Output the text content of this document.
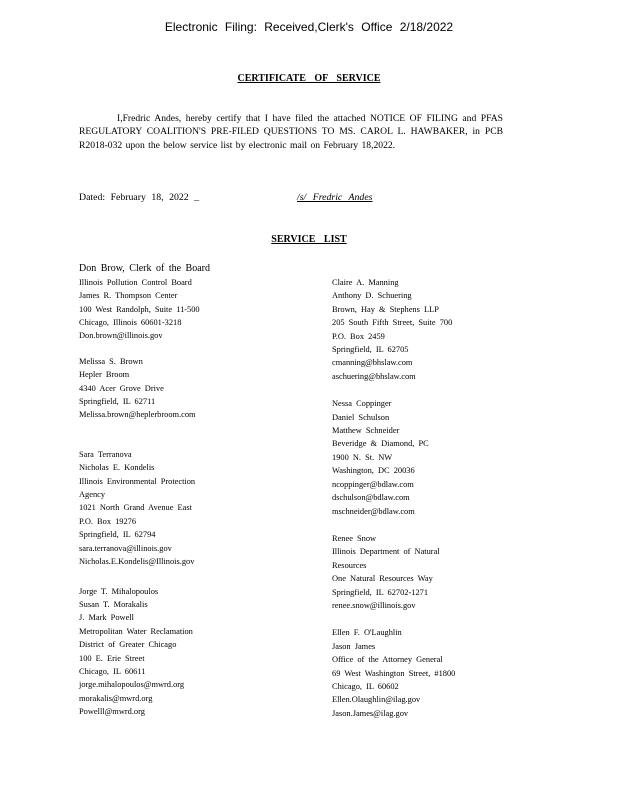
Electronic Filing: Received,Clerk's Office 2/18/2022
CERTIFICATE OF SERVICE

I,Fredric Andes, hereby certify that I have filed the attached NOTICE OF FILING and PFAS REGULATORY COALITION'S PRE-FILED QUESTIONS TO MS. CAROL L. HAWBAKER, in PCB R2018-032 upon the below service list by electronic mail on February 18,2022.

Dated: February 18, 2022 _	/s/ Fredric Andes
SERVICE LIST
Don Brow, Clerk of the Board
Illinois Pollution Control Board
James R. Thompson Center
100 West Randolph, Suite 11-500
Chicago, Illinois 60601-3218
Don.brown@illinois.gov
Melissa S. Brown
Hepler Broom
4340 Acer Grove Drive
Springfield, IL 62711
Melissa.brown@heplerbroom.com
Sara Terranova
Nicholas E. Kondelis
Illinois Environmental Protection
Agency
1021 North Grand Avenue East
P.O. Box 19276
Springfield, IL 62794
sara.terranova@illinois.gov
Nicholas.E.Kondelis@Illinois.gov
Jorge T. Mihalopoulos
Susan T. Morakalis
J. Mark Powell
Metropolitan Water Reclamation
District of Greater Chicago
100 E. Erie Street
Chicago, IL 60611
jorge.mihalopoulos@mwrd.org
morakalis@mwrd.org
Powelll@mwrd.org
Claire A. Manning
Anthony D. Schuering
Brown, Hay & Stephens LLP
205 South Fifth Street, Suite 700
P.O. Box 2459
Springfield, IL 62705
cmanning@bhslaw.com
aschuering@bhslaw.com
Nessa Coppinger
Daniel Schulson
Matthew Schneider
Beveridge & Diamond, PC
1900 N. St. NW
Washington, DC 20036
ncoppinger@bdlaw.com
dschulson@bdlaw.com
mschneider@bdlaw.com
Renee Snow
Illinois Department of Natural
Resources
One Natural Resources Way
Springfield, IL 62702-1271
renee.snow@illinois.gov
Ellen F. O'Laughlin
Jason James
Office of the Attorney General
69 West Washington Street, #1800
Chicago, IL 60602
Ellen.Olaughlin@ilag.gov
Jason.James@ilag.gov
